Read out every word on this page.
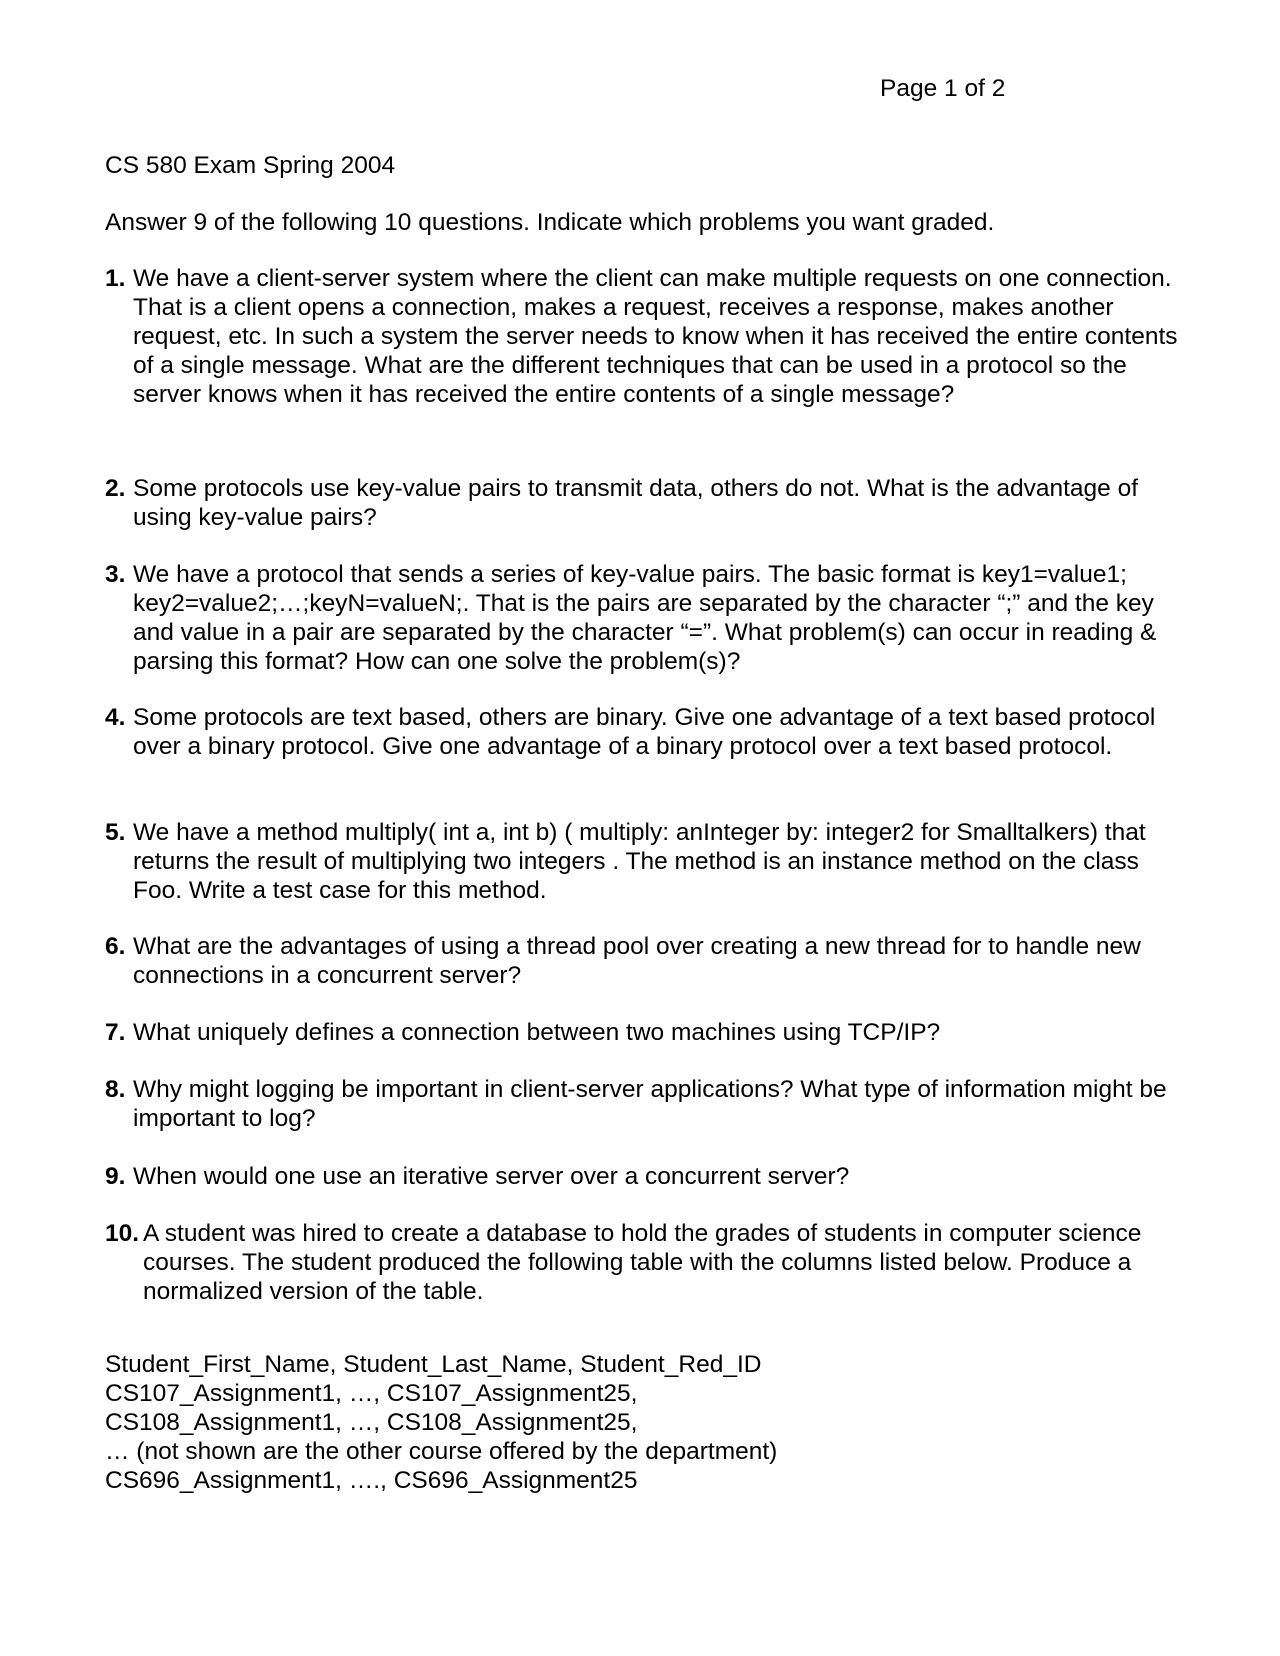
Page 1 of 2
CS 580 Exam Spring 2004
Answer 9 of the following 10 questions. Indicate which problems you want graded.
1. We have a client-server system where the client can make multiple requests on one connection. That is a client opens a connection, makes a request, receives a response, makes another request, etc. In such a system the server needs to know when it has received the entire contents of a single message. What are the different techniques that can be used in a protocol so the server knows when it has received the entire contents of a single message?
2. Some protocols use key-value pairs to transmit data, others do not. What is the advantage of using key-value pairs?
3. We have a protocol that sends a series of key-value pairs. The basic format is key1=value1; key2=value2;…;keyN=valueN;. That is the pairs are separated by the character “;” and the key and value in a pair are separated by the character “=”. What problem(s) can occur in reading & parsing this format? How can one solve the problem(s)?
4. Some protocols are text based, others are binary. Give one advantage of a text based protocol over a binary protocol. Give one advantage of a binary protocol over a text based protocol.
5. We have a method multiply( int a, int b) ( multiply: anInteger by: integer2 for Smalltalkers) that returns the result of multiplying two integers . The method is an instance method on the class Foo. Write a test case for this method.
6. What are the advantages of using a thread pool over creating a new thread for to handle new connections in a concurrent server?
7. What uniquely defines a connection between two machines using TCP/IP?
8. Why might logging be important in client-server applications? What type of information might be important to log?
9. When would one use an iterative server over a concurrent server?
10. A student was hired to create a database to hold the grades of students in computer science courses. The student produced the following table with the columns listed below. Produce a normalized version of the table.
Student_First_Name, Student_Last_Name, Student_Red_ID
CS107_Assignment1, …, CS107_Assignment25,
CS108_Assignment1, …, CS108_Assignment25,
… (not shown are the other course offered by the department)
CS696_Assignment1, …., CS696_Assignment25
